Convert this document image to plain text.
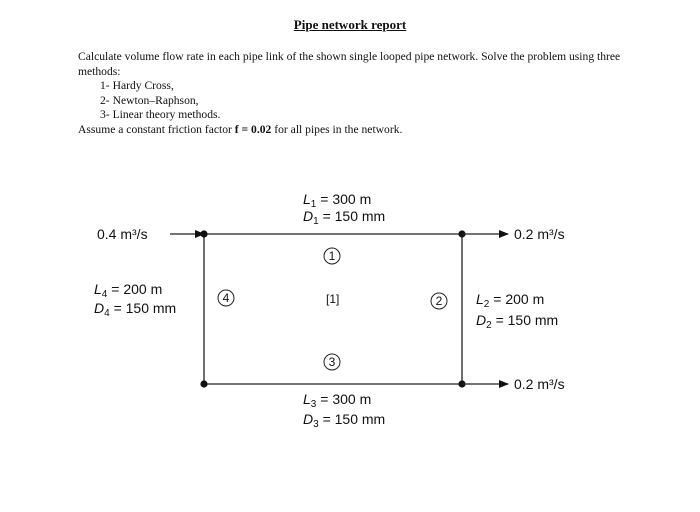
Pipe network report
Calculate volume flow rate in each pipe link of the shown single looped pipe network. Solve the problem using three methods:
1- Hardy Cross,
2- Newton–Raphson,
3- Linear theory methods.
Assume a constant friction factor f = 0.02 for all pipes in the network.
0.4 m³/s	0.2 m³/s
0.2 m³/s
$L_1 = 300$ m
$D_1 = 150$ mm
1
2 $L_2 = 200$ m
$D_2 = 150$ mm
3
$L_3 = 300$ m
$D_3 = 150$ mm
$L_4 = 200$ m
$D_4 = 150$ mm
4	[1]
